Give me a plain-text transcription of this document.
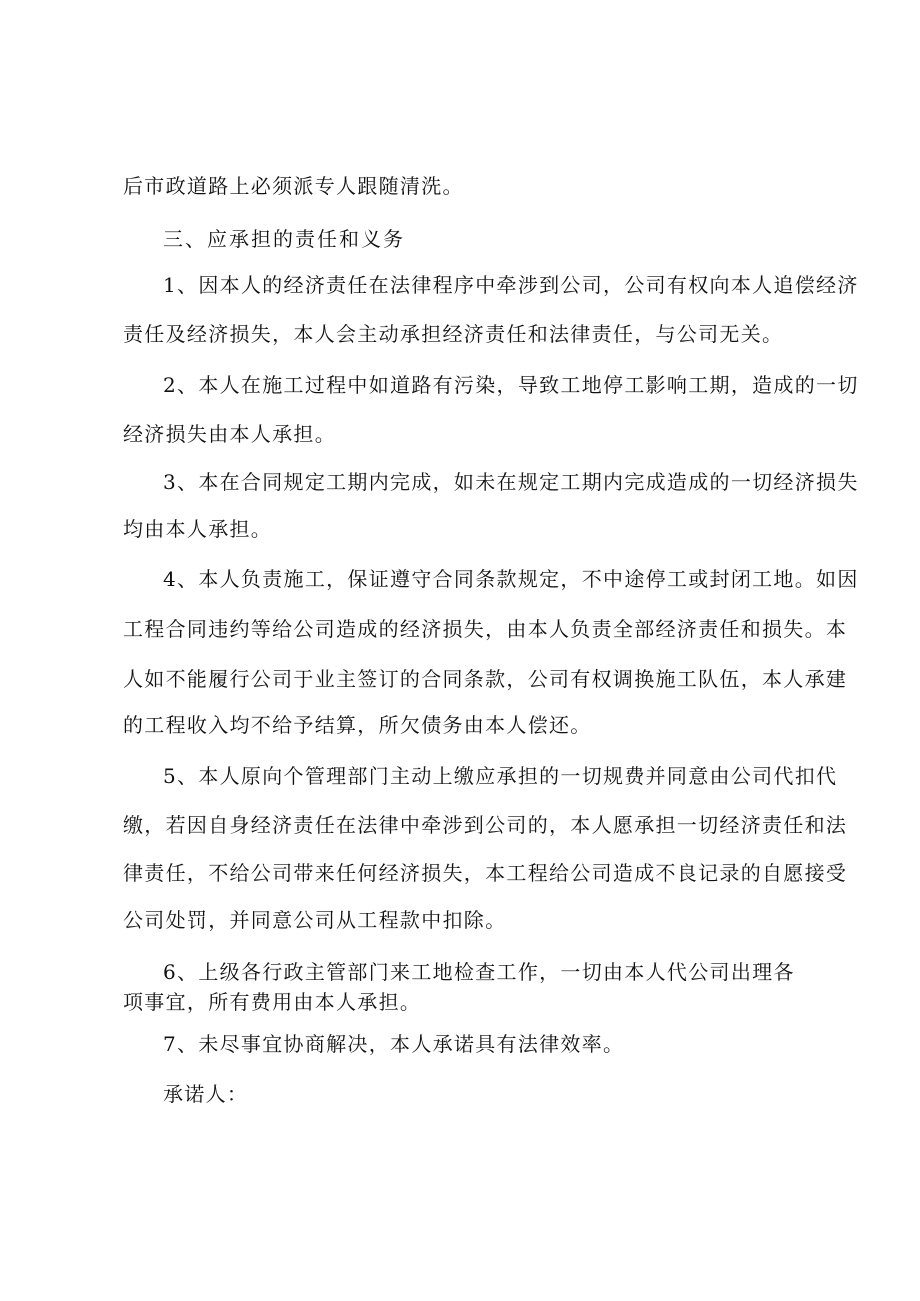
后市政道路上必须派专人跟随清洗。
三、应承担的责任和义务
1、因本人的经济责任在法律程序中牵涉到公司，公司有权向本人追偿经济
责任及经济损失，本人会主动承担经济责任和法律责任，与公司无关。
2、本人在施工过程中如道路有污染，导致工地停工影响工期，造成的一切
经济损失由本人承担。
3、本在合同规定工期内完成，如未在规定工期内完成造成的一切经济损失
均由本人承担。
4、本人负责施工，保证遵守合同条款规定，不中途停工或封闭工地。如因
工程合同违约等给公司造成的经济损失，由本人负责全部经济责任和损失。本
人如不能履行公司于业主签订的合同条款，公司有权调换施工队伍，本人承建
的工程收入均不给予结算，所欠债务由本人偿还。
5、本人原向个管理部门主动上缴应承担的一切规费并同意由公司代扣代
缴，若因自身经济责任在法律中牵涉到公司的，本人愿承担一切经济责任和法
律责任，不给公司带来任何经济损失，本工程给公司造成不良记录的自愿接受
公司处罚，并同意公司从工程款中扣除。
6、上级各行政主管部门来工地检查工作，一切由本人代公司出理各
项事宜，所有费用由本人承担。
7、未尽事宜协商解决，本人承诺具有法律效率。
承诺人：
